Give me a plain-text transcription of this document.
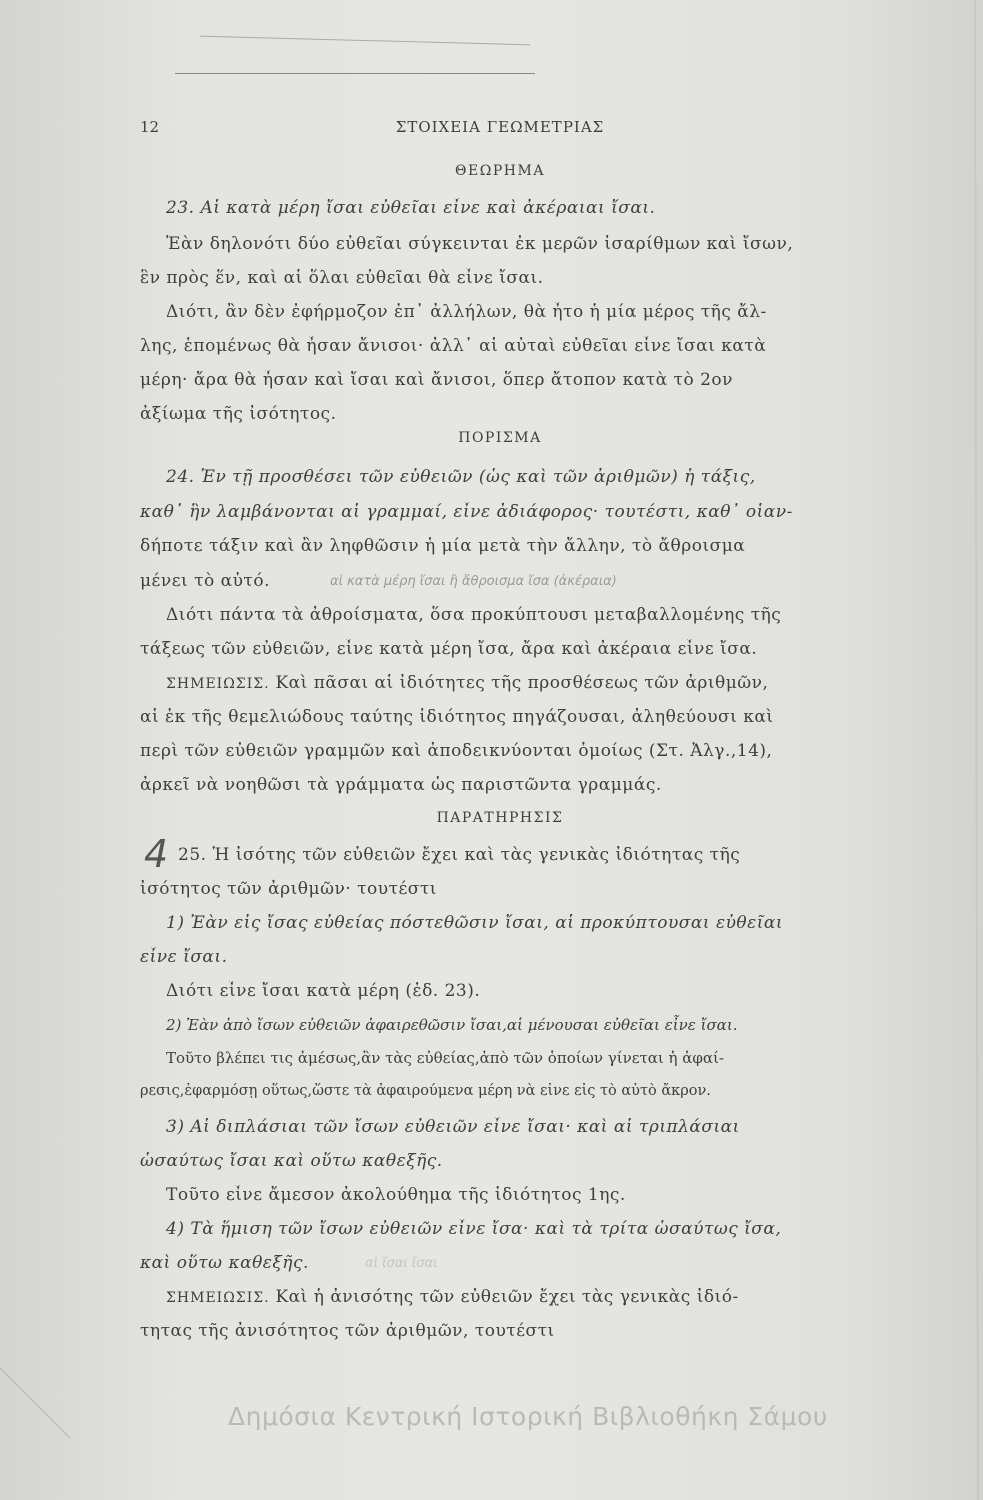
12	ΣΤΟΙΧΕΙΑ ΓΕΩΜΕΤΡΙΑΣ
ΘΕΩΡΗΜΑ
23. Αἱ κατὰ μέρη ἴσαι εὐθεῖαι εἶνε καὶ ἀκέραιαι ἴσαι.
Ἐὰν δηλονότι δύο εὐθεῖαι σύγκεινται ἐκ μερῶν ἰσαρίθμων καὶ ἴσων,
ἓν πρὸς ἕν, καὶ αἱ ὅλαι εὐθεῖαι θὰ εἶνε ἴσαι.
Διότι, ἂν δὲν ἐφήρμοζον ἐπ᾽ ἀλλήλων, θὰ ἦτο ἡ μία μέρος τῆς ἄλ-
λης, ἑπομένως θὰ ἦσαν ἄνισοι· ἀλλ᾽ αἱ αὐταὶ εὐθεῖαι εἶνε ἴσαι κατὰ
μέρη· ἄρα θὰ ἦσαν καὶ ἴσαι καὶ ἄνισοι, ὅπερ ἄτοπον κατὰ τὸ 2ον
ἀξίωμα τῆς ἰσότητος.
ΠΟΡΙΣΜΑ
24. Ἐν τῇ προσθέσει τῶν εὐθειῶν (ὡς καὶ τῶν ἀριθμῶν) ἡ τάξις,
καθ᾽ ἣν λαμβάνονται αἱ γραμμαί, εἶνε ἀδιάφορος· τουτέστι, καθ᾽ οἱαν-
δήποτε τάξιν καὶ ἂν ληφθῶσιν ἡ μία μετὰ τὴν ἄλλην, τὸ ἄθροισμα
μένει τὸ αὐτό.	αἱ κατὰ μέρη ἴσαι ἢ ἄθροισμα ἴσα (ἀκέραια)
Διότι πάντα τὰ ἀθροίσματα, ὅσα προκύπτουσι μεταβαλλομένης τῆς
τάξεως τῶν εὐθειῶν, εἶνε κατὰ μέρη ἴσα, ἄρα καὶ ἀκέραια εἶνε ἴσα.
ΣΗΜΕΙΩΣΙΣ. Καὶ πᾶσαι αἱ ἰδιότητες τῆς προσθέσεως τῶν ἀριθμῶν,
αἱ ἐκ τῆς θεμελιώδους ταύτης ἰδιότητος πηγάζουσαι, ἀληθεύουσι καὶ
περὶ τῶν εὐθειῶν γραμμῶν καὶ ἀποδεικνύονται ὁμοίως (Στ. Ἀλγ.,14),
ἀρκεῖ νὰ νοηθῶσι τὰ γράμματα ὡς παριστῶντα γραμμάς.
ΠΑΡΑΤΗΡΗΣΙΣ
4 25. Ἡ ἰσότης τῶν εὐθειῶν ἔχει καὶ τὰς γενικὰς ἰδιότητας τῆς
ἰσότητος τῶν ἀριθμῶν· τουτέστι
1) Ἐὰν εἰς ἴσας εὐθείας πόστεθῶσιν ἴσαι, αἱ προκύπτουσαι εὐθεῖαι
εἶνε ἴσαι.
Διότι εἶνε ἴσαι κατὰ μέρη (ἐδ. 23).
2) Ἐὰν ἀπὸ ἴσων εὐθειῶν ἀφαιρεθῶσιν ἴσαι,αἱ μένουσαι εὐθεῖαι εἶνε ἴσαι.
Τοῦτο βλέπει τις ἀμέσως,ἂν τὰς εὐθείας,ἀπὸ τῶν ὁποίων γίνεται ἡ ἀφαί-
ρεσις,ἐφαρμόσῃ οὕτως,ὥστε τὰ ἀφαιρούμενα μέρη νὰ εἶνε εἰς τὸ αὐτὸ ἄκρον.
3) Αἱ διπλάσιαι τῶν ἴσων εὐθειῶν εἶνε ἴσαι· καὶ αἱ τριπλάσιαι
ὡσαύτως ἴσαι καὶ οὕτω καθεξῆς.
Τοῦτο εἶνε ἄμεσον ἀκολούθημα τῆς ἰδιότητος 1ης.
4) Τὰ ἥμιση τῶν ἴσων εὐθειῶν εἶνε ἴσα· καὶ τὰ τρίτα ὡσαύτως ἴσα,
καὶ οὕτω καθεξῆς.	αἱ ἴσαι ἴσαι
ΣΗΜΕΙΩΣΙΣ. Καὶ ἡ ἀνισότης τῶν εὐθειῶν ἔχει τὰς γενικὰς ἰδιό-
τητας τῆς ἀνισότητος τῶν ἀριθμῶν, τουτέστι
Δημόσια Κεντρική Ιστορική Βιβλιοθήκη Σάμου
